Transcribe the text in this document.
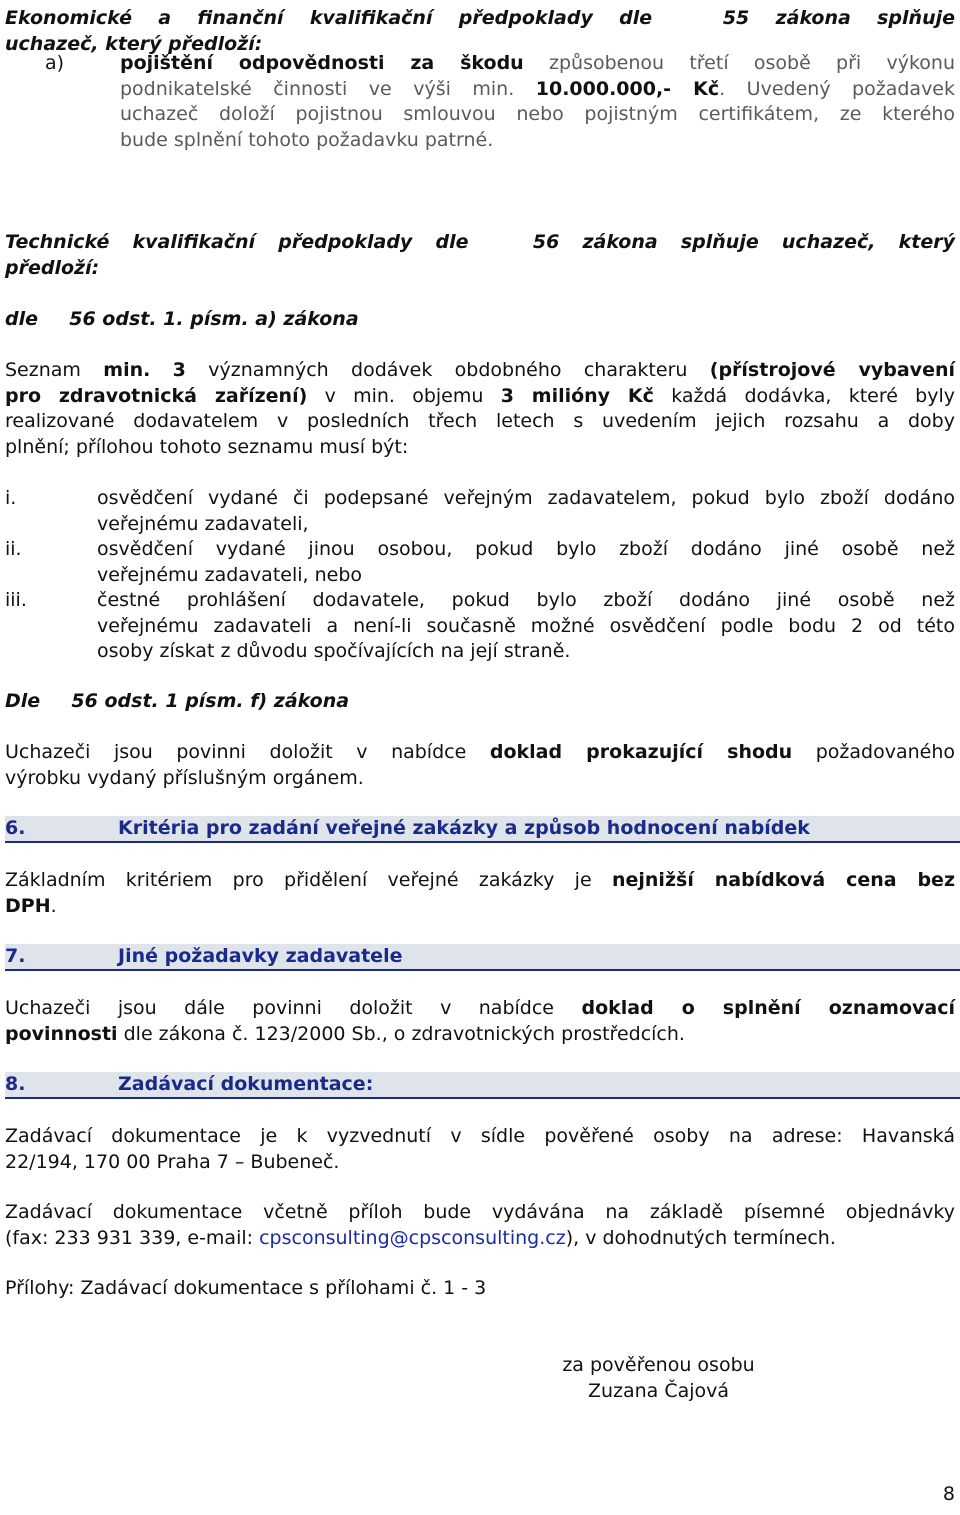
Ekonomické a finanční kvalifikační předpoklady dle	55 zákona splňuje
uchazeč, který předloží:
a)	pojištění odpovědnosti za škodu způsobenou třetí osobě při výkonu
podnikatelské činnosti ve výši min. 10.000.000,- Kč. Uvedený požadavek
uchazeč doloží pojistnou smlouvou nebo pojistným certifikátem, ze kterého
bude splnění tohoto požadavku patrné.
Technické kvalifikační předpoklady dle	56 zákona splňuje uchazeč, který
předloží:
dle 56 odst. 1. písm. a) zákona
Seznam min. 3 významných dodávek obdobného charakteru (přístrojové vybavení
pro zdravotnická zařízení) v min. objemu 3 milióny Kč každá dodávka, které byly
realizované dodavatelem v posledních třech letech s uvedením jejich rozsahu a doby
plnění; přílohou tohoto seznamu musí být:
i.	osvědčení vydané či podepsané veřejným zadavatelem, pokud bylo zboží dodáno
veřejnému zadavateli,
ii.	osvědčení vydané jinou osobou, pokud bylo zboží dodáno jiné osobě než
veřejnému zadavateli, nebo
iii.	čestné prohlášení dodavatele, pokud bylo zboží dodáno jiné osobě než
veřejnému zadavateli a není-li současně možné osvědčení podle bodu 2 od této
osoby získat z důvodu spočívajících na její straně.
Dle 56 odst. 1 písm. f) zákona
Uchazeči jsou povinni doložit v nabídce doklad prokazující shodu požadovaného
výrobku vydaný příslušným orgánem.
6.	Kritéria pro zadání veřejné zakázky a způsob hodnocení nabídek
Základním kritériem pro přidělení veřejné zakázky je nejnižší nabídková cena bez
DPH.
7.	Jiné požadavky zadavatele
Uchazeči jsou dále povinni doložit v nabídce doklad o splnění oznamovací
povinnosti dle zákona č. 123/2000 Sb., o zdravotnických prostředcích.
8.	Zadávací dokumentace:
Zadávací dokumentace je k vyzvednutí v sídle pověřené osoby na adrese: Havanská
22/194, 170 00 Praha 7 – Bubeneč.
Zadávací dokumentace včetně příloh bude vydávána na základě písemné objednávky
(fax: 233 931 339, e-mail: cpsconsulting@cpsconsulting.cz), v dohodnutých termínech.
Přílohy: Zadávací dokumentace s přílohami č. 1 - 3
za pověřenou osobu
Zuzana Čajová
8
